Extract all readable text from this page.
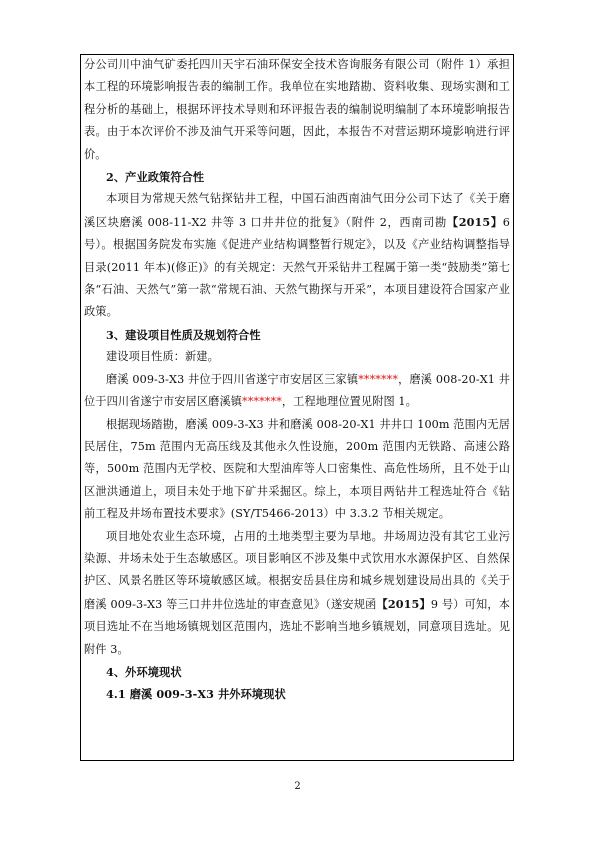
分公司川中油气矿委托四川天宇石油环保安全技术咨询服务有限公司（附件 1）承担本工程的环境影响报告表的编制工作。我单位在实地踏勘、资料收集、现场实测和工程分析的基础上，根据环评技术导则和环评报告表的编制说明编制了本环境影响报告表。由于本次评价不涉及油气开采等问题，因此，本报告不对营运期环境影响进行评价。

2、产业政策符合性

本项目为常规天然气钻探钻井工程，中国石油西南油气田分公司下达了《关于磨溪区块磨溪 008-11-X2 井等 3 口井井位的批复》（附件 2，西南司勘【2015】6 号）。根据国务院发布实施《促进产业结构调整暂行规定》，以及《产业结构调整指导目录(2011 年本)(修正)》的有关规定：天然气开采钻井工程属于第一类“鼓励类”第七条“石油、天然气”第一款“常规石油、天然气勘探与开采”，本项目建设符合国家产业政策。

3、建设项目性质及规划符合性

建设项目性质：新建。

磨溪 009-3-X3 井位于四川省遂宁市安居区三家镇*******，磨溪 008-20-X1 井位于四川省遂宁市安居区磨溪镇*******，工程地理位置见附图 1。

根据现场踏勘，磨溪 009-3-X3 井和磨溪 008-20-X1 井井口 100m 范围内无居民居住，75m 范围内无高压线及其他永久性设施，200m 范围内无铁路、高速公路等，500m 范围内无学校、医院和大型油库等人口密集性、高危性场所，且不处于山区泄洪通道上，项目未处于地下矿井采掘区。综上，本项目两钻井工程选址符合《钻前工程及井场布置技术要求》(SY/T5466-2013）中 3.3.2 节相关规定。

项目地处农业生态环境，占用的土地类型主要为旱地。井场周边没有其它工业污染源、井场未处于生态敏感区。项目影响区不涉及集中式饮用水水源保护区、自然保护区、风景名胜区等环境敏感区域。根据安岳县住房和城乡规划建设局出具的《关于磨溪 009-3-X3 等三口井井位选址的审查意见》（遂安规函【2015】9 号）可知，本项目选址不在当地场镇规划区范围内，选址不影响当地乡镇规划，同意项目选址。见附件 3。

4、外环境现状

4.1 磨溪 009-3-X3 井外环境现状

2
